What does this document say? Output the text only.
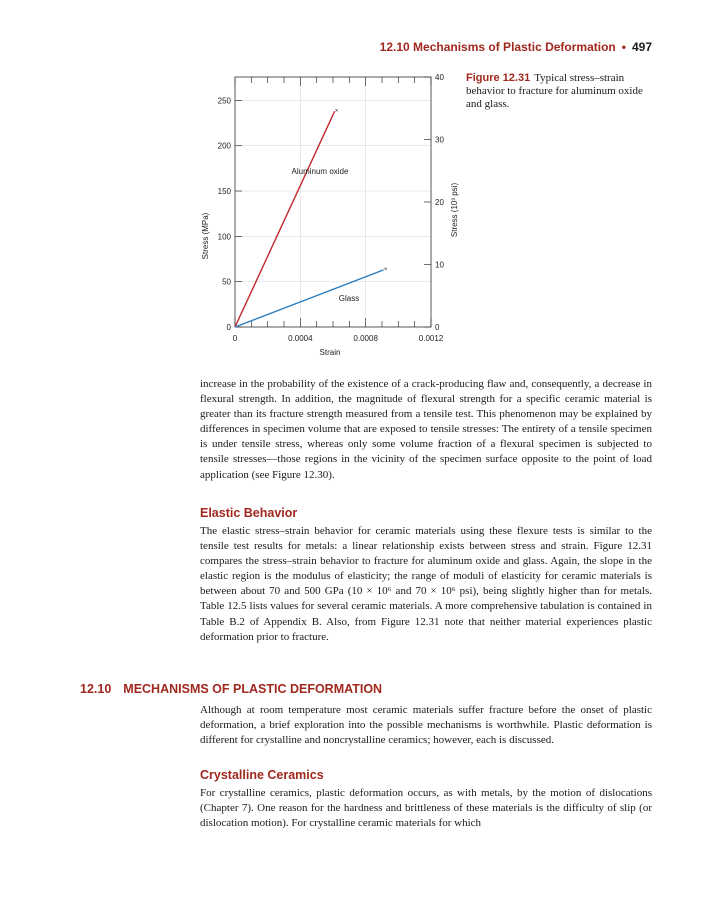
12.10 Mechanisms of Plastic Deformation • 497
0	0.0004	0.0008	0.0012
0
50
100
150
200
250
0
10
20
30
40
×
×
Aluminum oxide
Glass
Strain
Stress (MPa)	Stress (10³ psi)
Figure 12.31 Typical stress–strain behavior to fracture for aluminum oxide and glass.

increase in the probability of the existence of a crack-producing flaw and, consequently, a decrease in flexural strength. In addition, the magnitude of flexural strength for a specific ceramic material is greater than its fracture strength measured from a tensile test. This phenomenon may be explained by differences in specimen volume that are exposed to tensile stresses: The entirety of a tensile specimen is under tensile stress, whereas only some volume fraction of a flexural specimen is subjected to tensile stresses—those regions in the vicinity of the specimen surface opposite to the point of load application (see Figure 12.30).

Elastic Behavior

The elastic stress–strain behavior for ceramic materials using these flexure tests is similar to the tensile test results for metals: a linear relationship exists between stress and strain. Figure 12.31 compares the stress–strain behavior to fracture for aluminum oxide and glass. Again, the slope in the elastic region is the modulus of elasticity; the range of moduli of elasticity for ceramic materials is between about 70 and 500 GPa (10 × 10⁶ and 70 × 10⁶ psi), being slightly higher than for metals. Table 12.5 lists values for several ceramic materials. A more comprehensive tabulation is contained in Table B.2 of Appendix B. Also, from Figure 12.31 note that neither material experiences plastic deformation prior to fracture.

12.10 MECHANISMS OF PLASTIC DEFORMATION

Although at room temperature most ceramic materials suffer fracture before the onset of plastic deformation, a brief exploration into the possible mechanisms is worthwhile. Plastic deformation is different for crystalline and noncrystalline ceramics; however, each is discussed.

Crystalline Ceramics

For crystalline ceramics, plastic deformation occurs, as with metals, by the motion of dislocations (Chapter 7). One reason for the hardness and brittleness of these materials is the difficulty of slip (or dislocation motion). For crystalline ceramic materials for which
